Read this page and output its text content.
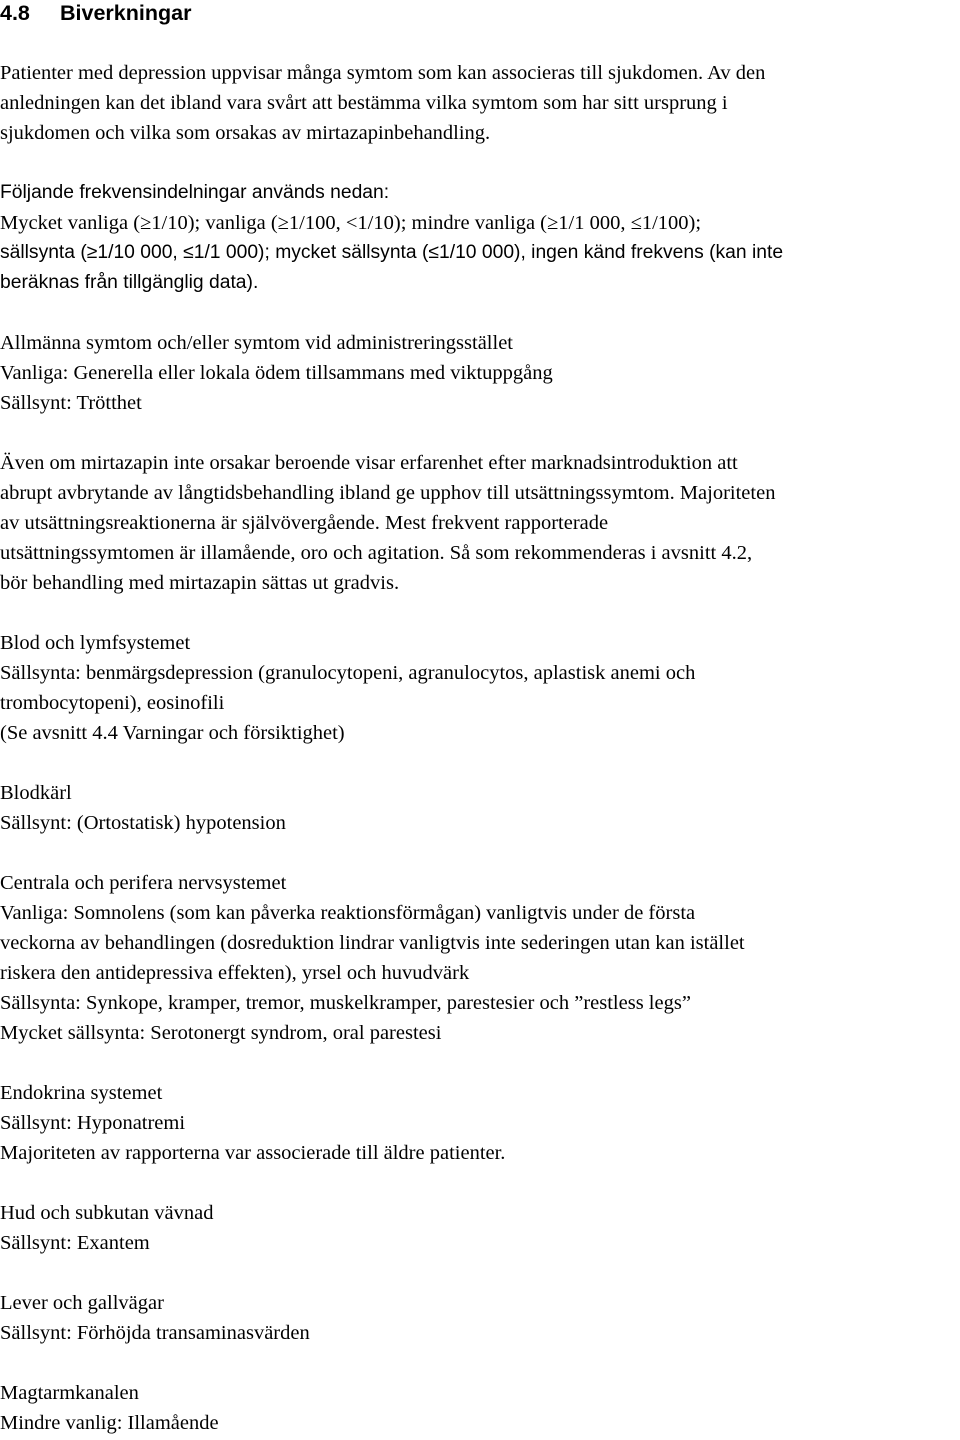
4.8 Biverkningar
Patienter med depression uppvisar många symtom som kan associeras till sjukdomen. Av den
anledningen kan det ibland vara svårt att bestämma vilka symtom som har sitt ursprung i
sjukdomen och vilka som orsakas av mirtazapinbehandling.
Följande frekvensindelningar används nedan:
Mycket vanliga (≥1/10); vanliga (≥1/100, <1/10); mindre vanliga (≥1/1 000, ≤1/100);
sällsynta (≥1/10 000, ≤1/1 000); mycket sällsynta (≤1/10 000), ingen känd frekvens (kan inte
beräknas från tillgänglig data).
Allmänna symtom och/eller symtom vid administreringsstället
Vanliga: Generella eller lokala ödem tillsammans med viktuppgång
Sällsynt: Trötthet
Även om mirtazapin inte orsakar beroende visar erfarenhet efter marknadsintroduktion att
abrupt avbrytande av långtidsbehandling ibland ge upphov till utsättningssymtom. Majoriteten
av utsättningsreaktionerna är självövergående. Mest frekvent rapporterade
utsättningssymtomen är illamående, oro och agitation. Så som rekommenderas i avsnitt 4.2,
bör behandling med mirtazapin sättas ut gradvis.
Blod och lymfsystemet
Sällsynta: benmärgsdepression (granulocytopeni, agranulocytos, aplastisk anemi och
trombocytopeni), eosinofili
(Se avsnitt 4.4 Varningar och försiktighet)
Blodkärl
Sällsynt: (Ortostatisk) hypotension
Centrala och perifera nervsystemet
Vanliga: Somnolens (som kan påverka reaktionsförmågan) vanligtvis under de första
veckorna av behandlingen (dosreduktion lindrar vanligtvis inte sederingen utan kan istället
riskera den antidepressiva effekten), yrsel och huvudvärk
Sällsynta: Synkope, kramper, tremor, muskelkramper, parestesier och ”restless legs”
Mycket sällsynta: Serotonergt syndrom, oral parestesi
Endokrina systemet
Sällsynt: Hyponatremi
Majoriteten av rapporterna var associerade till äldre patienter.
Hud och subkutan vävnad
Sällsynt: Exantem
Lever och gallvägar
Sällsynt: Förhöjda transaminasvärden
Magtarmkanalen
Mindre vanlig: Illamående
